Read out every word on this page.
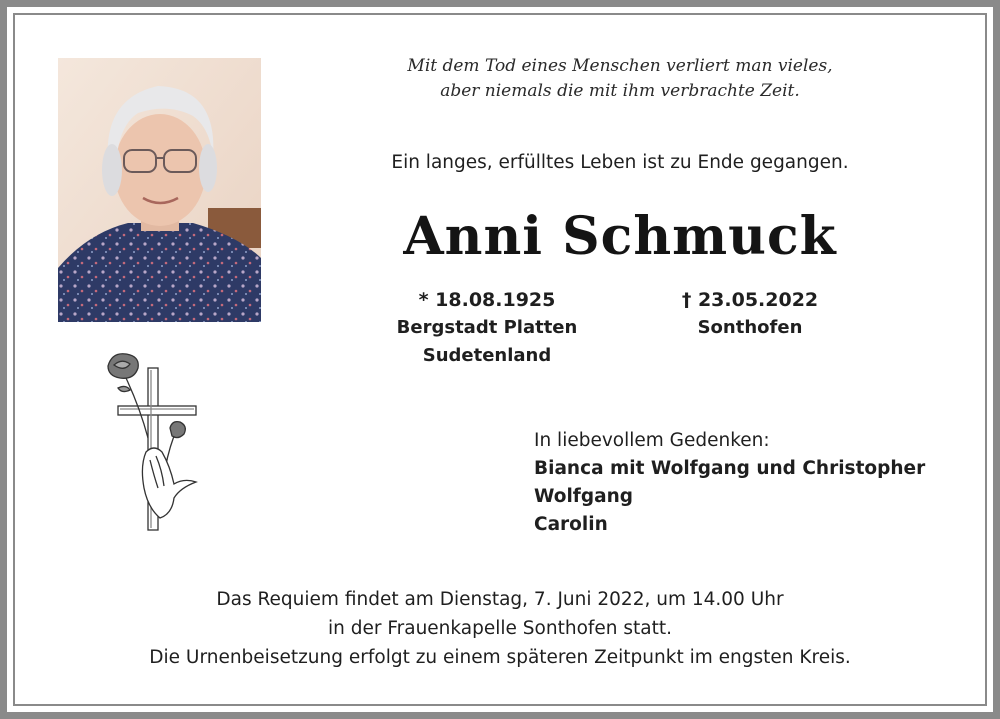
Mit dem Tod eines Menschen verliert man vieles,
aber niemals die mit ihm verbrachte Zeit.
Ein langes, erfülltes Leben ist zu Ende gegangen.
Anni Schmuck
* 18.08.1925
Bergstadt Platten
Sudetenland
† 23.05.2022
Sonthofen
In liebevollem Gedenken:
Bianca mit Wolfgang und Christopher
Wolfgang
Carolin
Das Requiem findet am Dienstag, 7. Juni 2022, um 14.00 Uhr
in der Frauenkapelle Sonthofen statt.
Die Urnenbeisetzung erfolgt zu einem späteren Zeitpunkt im engsten Kreis.
